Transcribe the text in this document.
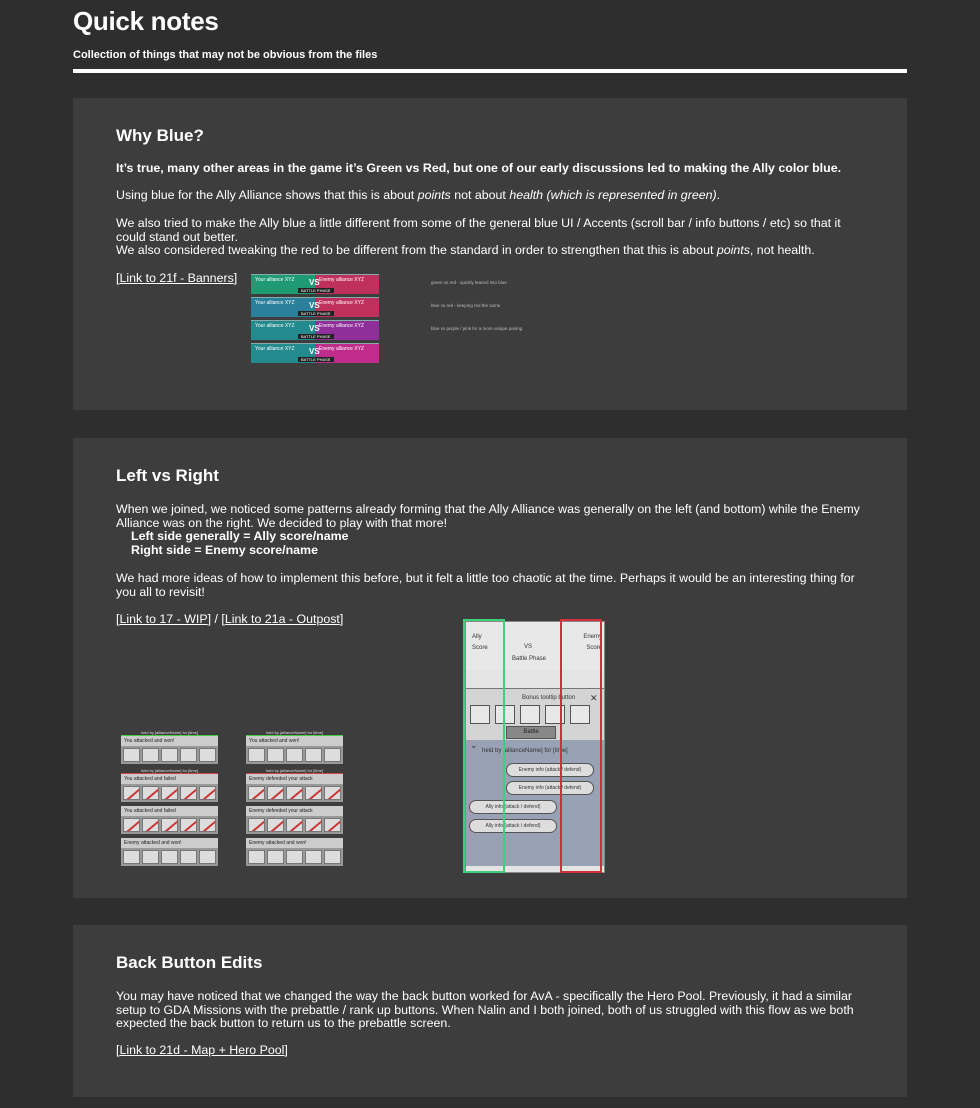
Quick notes
Collection of things that may not be obvious from the files
Why Blue?
It’s true, many other areas in the game it’s Green vs Red, but one of our early discussions led to making the Ally color blue.
Using blue for the Ally Alliance shows that this is about points not about health (which is represented in green).
We also tried to make the Ally blue a little different from some of the general blue UI / Accents (scroll bar / info buttons / etc) so that it could stand out better.
We also considered tweaking the red to be different from the standard in order to strengthen that this is about points, not health.
[Link to 21f - Banners]	Your alliance XYZ	Enemy alliance XYZ
VS
BATTLE PHASE
Your alliance XYZ	Enemy alliance XYZ
VS
BATTLE PHASE
Your alliance XYZ	Enemy alliance XYZ
VS
BATTLE PHASE
Your alliance XYZ	Enemy alliance XYZ
VS
BATTLE PHASE
green vs red - quickly leaned into blue
blue vs red - keeping red the same
blue vs purple / pink for a more unique pairing
Left vs Right
When we joined, we noticed some patterns already forming that the Ally Alliance was generally on the left (and bottom) while the Enemy Alliance was on the right. We decided to play with that more!
Left side generally = Ally score/name
Right side = Enemy score/name
We had more ideas of how to implement this before, but it felt a little too chaotic at the time. Perhaps it would be an interesting thing for you all to revisit!
[Link to 17 - WIP] / [Link to 21a - Outpost]
held by [allianceName] for [time]
You attacked and won!
held by [allianceName] for [time]
You attacked and failed
You attacked and failed
Enemy attacked and won!
held by [allianceName] for [time]
You attacked and won!
held by [allianceName] for [time]
Enemy defended your attack
Enemy defended your attack
Enemy attacked and won!
Ally Score	VS
Enemy Score
Battle Phase
Bonus tooltip button ✕
Battle
⌄
held by [allianceName] for [time]
Enemy info (attack / defend)
Enemy info (attack / defend)
Ally info (attack / defend)
Ally info (attack / defend)
Back Button Edits
You may have noticed that we changed the way the back button worked for AvA - specifically the Hero Pool. Previously, it had a similar setup to GDA Missions with the prebattle / rank up buttons. When Nalin and I both joined, both of us struggled with this flow as we both expected the back button to return us to the prebattle screen.
[Link to 21d - Map + Hero Pool]
